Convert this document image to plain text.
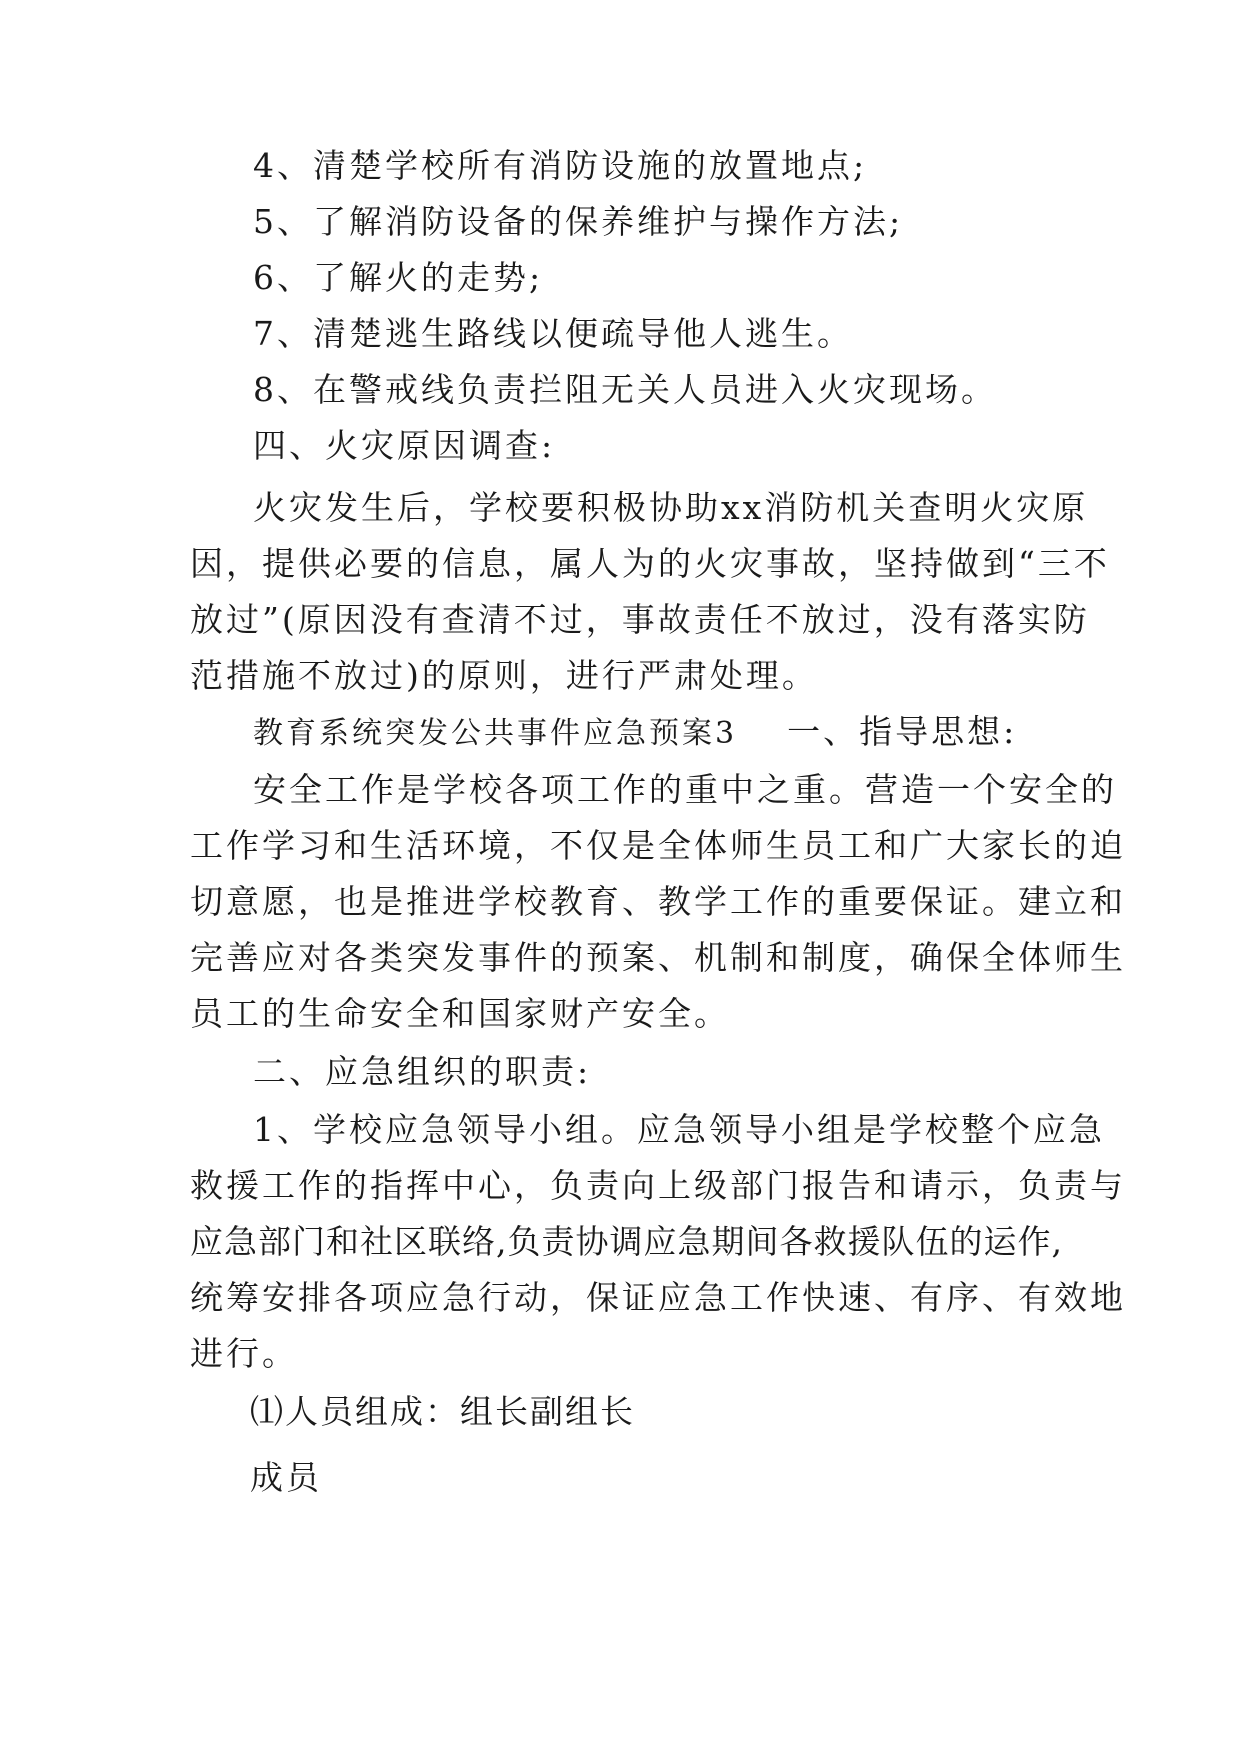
4、清楚学校所有消防设施的放置地点;
5、了解消防设备的保养维护与操作方法;
6、了解火的走势;
7、清楚逃生路线以便疏导他人逃生。
8、在警戒线负责拦阻无关人员进入火灾现场。
四、火灾原因调查:
火灾发生后，学校要积极协助xx消防机关查明火灾原
因，提供必要的信息，属人为的火灾事故，坚持做到“三不
放过”(原因没有查清不过，事故责任不放过，没有落实防
范措施不放过)的原则，进行严肃处理。
教育系统突发公共事件应急预案3 一、指导思想:
安全工作是学校各项工作的重中之重。营造一个安全的
工作学习和生活环境，不仅是全体师生员工和广大家长的迫
切意愿，也是推进学校教育、教学工作的重要保证。建立和
完善应对各类突发事件的预案、机制和制度，确保全体师生
员工的生命安全和国家财产安全。
二、应急组织的职责:
1、学校应急领导小组。应急领导小组是学校整个应急
救援工作的指挥中心，负责向上级部门报告和请示，负责与
应急部门和社区联络,负责协调应急期间各救援队伍的运作,
统筹安排各项应急行动，保证应急工作快速、有序、有效地
进行。
⑴人员组成：组长副组长
成员
